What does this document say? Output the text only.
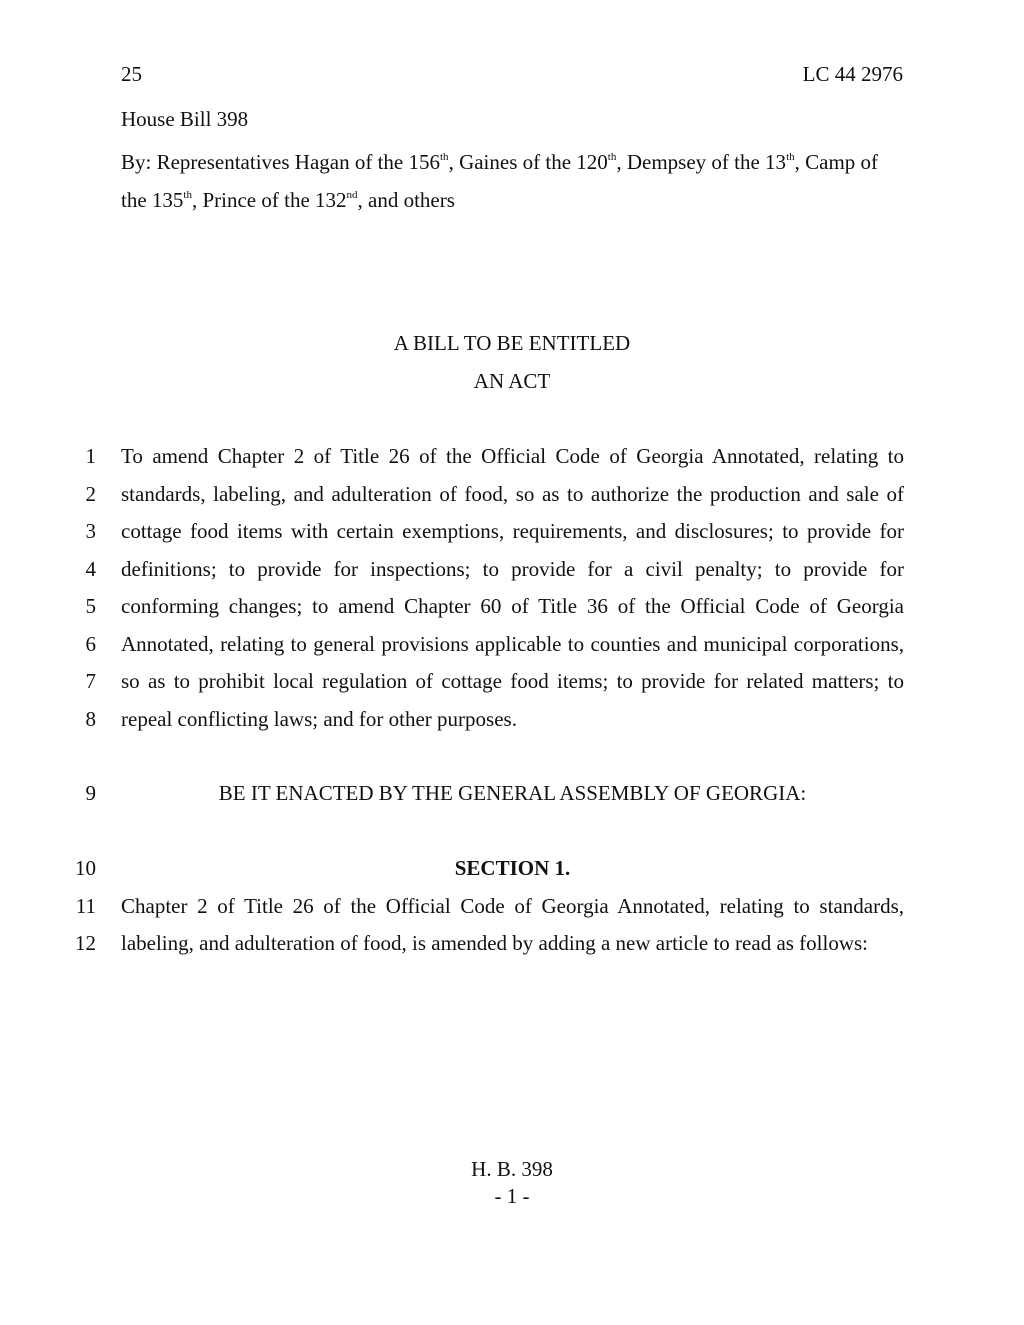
25	LC 44 2976
House Bill 398
By: Representatives Hagan of the 156th, Gaines of the 120th, Dempsey of the 13th, Camp of the 135th, Prince of the 132nd, and others
A BILL TO BE ENTITLED
AN ACT
1 To amend Chapter 2 of Title 26 of the Official Code of Georgia Annotated, relating to
2 standards, labeling, and adulteration of food, so as to authorize the production and sale of
3 cottage food items with certain exemptions, requirements, and disclosures; to provide for
4 definitions; to provide for inspections; to provide for a civil penalty; to provide for
5 conforming changes; to amend Chapter 60 of Title 36 of the Official Code of Georgia
6 Annotated, relating to general provisions applicable to counties and municipal corporations,
7 so as to prohibit local regulation of cottage food items; to provide for related matters; to
8 repeal conflicting laws; and for other purposes.
9	BE IT ENACTED BY THE GENERAL ASSEMBLY OF GEORGIA:
10	SECTION 1.
11 Chapter 2 of Title 26 of the Official Code of Georgia Annotated, relating to standards,
12 labeling, and adulteration of food, is amended by adding a new article to read as follows:
H. B. 398
- 1 -
